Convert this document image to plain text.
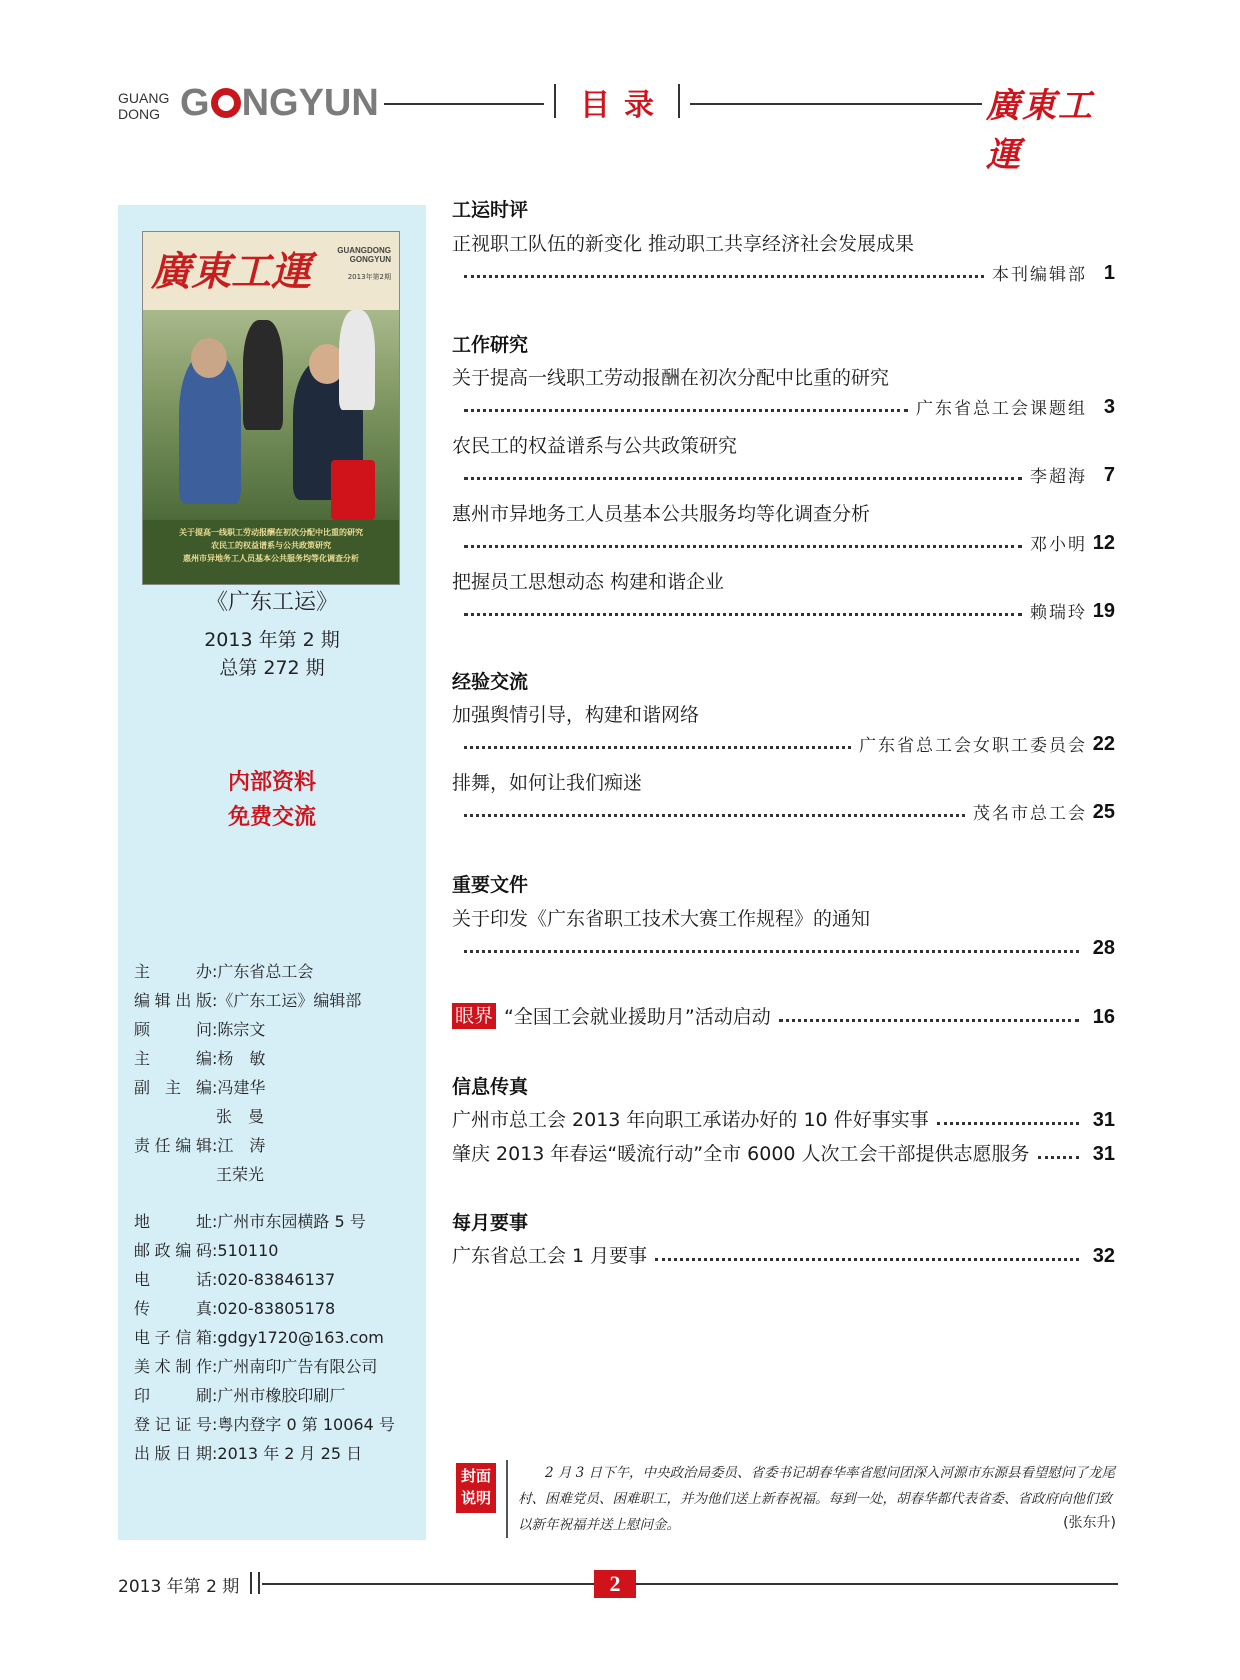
GUANG
DONG G NGYUN	目录	廣東工運
廣東工運	GUANGDONG
GONGYUN
2013年第2期
关于提高一线职工劳动报酬在初次分配中比重的研究
农民工的权益谱系与公共政策研究
惠州市异地务工人员基本公共服务均等化调查分析
《广东工运》
2013 年第 2 期
总第 272 期
内部资料
免费交流
主　　办:广东省总工会
编辑出版:《广东工运》编辑部
顾　　问:陈宗文
主　　编:杨　敏
副 主 编:冯建华
张　曼
责任编辑:江　涛
王荣光
地　　址:广州市东园横路 5 号
邮政编码:510110
电　　话:020-83846137
传　　真:020-83805178
电子信箱:gdgy1720@163.com
美术制作:广州南印广告有限公司
印　　刷:广州市橡胶印刷厂
登记证号:粤内登字 0 第 10064 号
出版日期:2013 年 2 月 25 日
工运时评
正视职工队伍的新变化 推动职工共享经济社会发展成果
本刊编辑部 1
工作研究
关于提高一线职工劳动报酬在初次分配中比重的研究
广东省总工会课题组 3
农民工的权益谱系与公共政策研究
李超海 7
惠州市异地务工人员基本公共服务均等化调查分析
邓小明 12
把握员工思想动态 构建和谐企业
赖瑞玲 19
经验交流
加强舆情引导，构建和谐网络
广东省总工会女职工委员会 22
排舞，如何让我们痴迷
茂名市总工会 25
重要文件
关于印发《广东省职工技术大赛工作规程》的通知
28
眼界 “全国工会就业援助月”活动启动	16
信息传真
广州市总工会 2013 年向职工承诺办好的 10 件好事实事	31
肇庆 2013 年春运“暖流行动”全市 6000 人次工会干部提供志愿服务	31
每月要事
广东省总工会 1 月要事	32
封面
说明
2 月 3 日下午，中央政治局委员、省委书记胡春华率省慰问团深入河源市东源县看望慰问了龙尾村、困难党员、困难职工，并为他们送上新春祝福。每到一处，胡春华都代表省委、省政府向他们致以新年祝福并送上慰问金。	(张东升)
2013 年第 2 期	2
